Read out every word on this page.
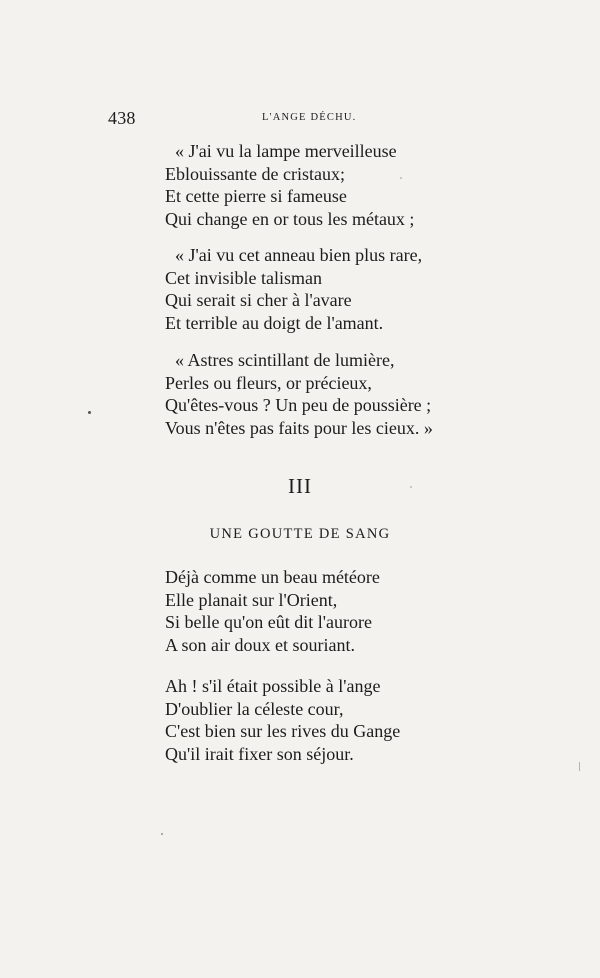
438	L'ANGE DÉCHU.
« J'ai vu la lampe merveilleuse
Eblouissante de cristaux;
Et cette pierre si fameuse
Qui change en or tous les métaux ;
« J'ai vu cet anneau bien plus rare,
Cet invisible talisman
Qui serait si cher à l'avare
Et terrible au doigt de l'amant.
« Astres scintillant de lumière,
Perles ou fleurs, or précieux,
Qu'êtes-vous ? Un peu de poussière ;
Vous n'êtes pas faits pour les cieux. »
III
UNE GOUTTE DE SANG
Déjà comme un beau météore
Elle planait sur l'Orient,
Si belle qu'on eût dit l'aurore
A son air doux et souriant.
Ah ! s'il était possible à l'ange
D'oublier la céleste cour,
C'est bien sur les rives du Gange
Qu'il irait fixer son séjour.
